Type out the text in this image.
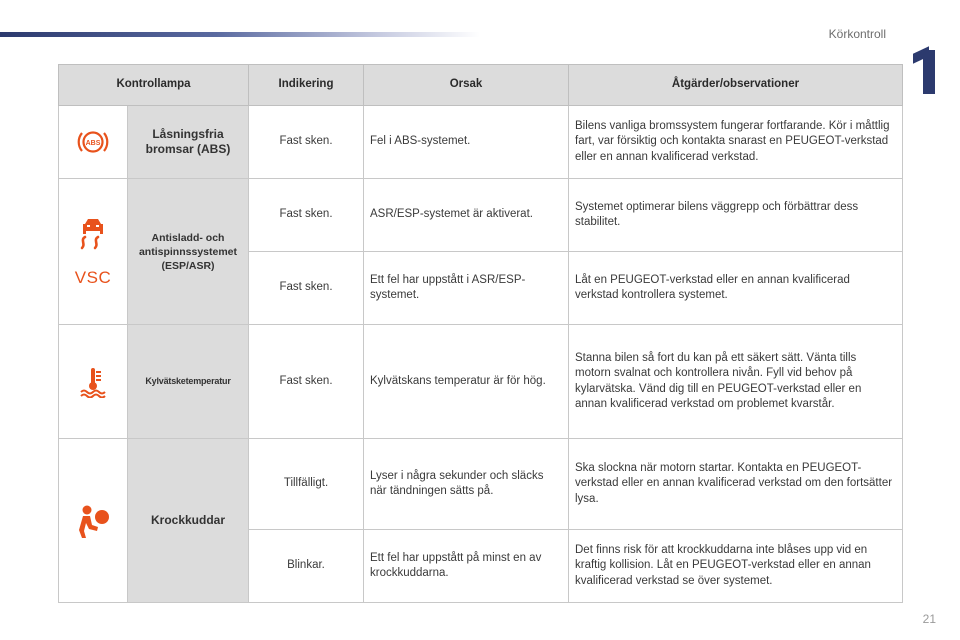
Körkontroll
Kontrollampa		Indikering	Orsak	Åtgärder/observationer

ABS	Låsningsfria bromsar (ABS)	Fast sken.	Fel i ABS-systemet.	Bilens vanliga bromssystem fungerar fortfarande. Kör i måttlig fart, var försiktig och kontakta snarast en PEUGEOT-verkstad eller en annan kvalificerad verkstad.

VSC	Antisladd- och antispinnssystemet (ESP/ASR)	Fast sken.	ASR/ESP-systemet är aktiverat.	Systemet optimerar bilens väggrepp och förbättrar dess stabilitet.
		Fast sken.	Ett fel har uppstått i ASR/ESP-systemet.	Låt en PEUGEOT-verkstad eller en annan kvalificerad verkstad kontrollera systemet.

	Kylvätsketemperatur	Fast sken.	Kylvätskans temperatur är för hög.	Stanna bilen så fort du kan på ett säkert sätt. Vänta tills motorn svalnat och kontrollera nivån. Fyll vid behov på kylarvätska. Vänd dig till en PEUGEOT-verkstad eller en annan kvalificerad verkstad om problemet kvarstår.

	Krockkuddar	Tillfälligt.	Lyser i några sekunder och släcks när tändningen sätts på.	Ska slockna när motorn startar. Kontakta en PEUGEOT-verkstad eller en annan kvalificerad verkstad om den fortsätter lysa.
		Blinkar.	Ett fel har uppstått på minst en av krockkuddarna.	Det finns risk för att krockkuddarna inte blåses upp vid en kraftig kollision. Låt en PEUGEOT-verkstad eller en annan kvalificerad verkstad se över systemet.
21
